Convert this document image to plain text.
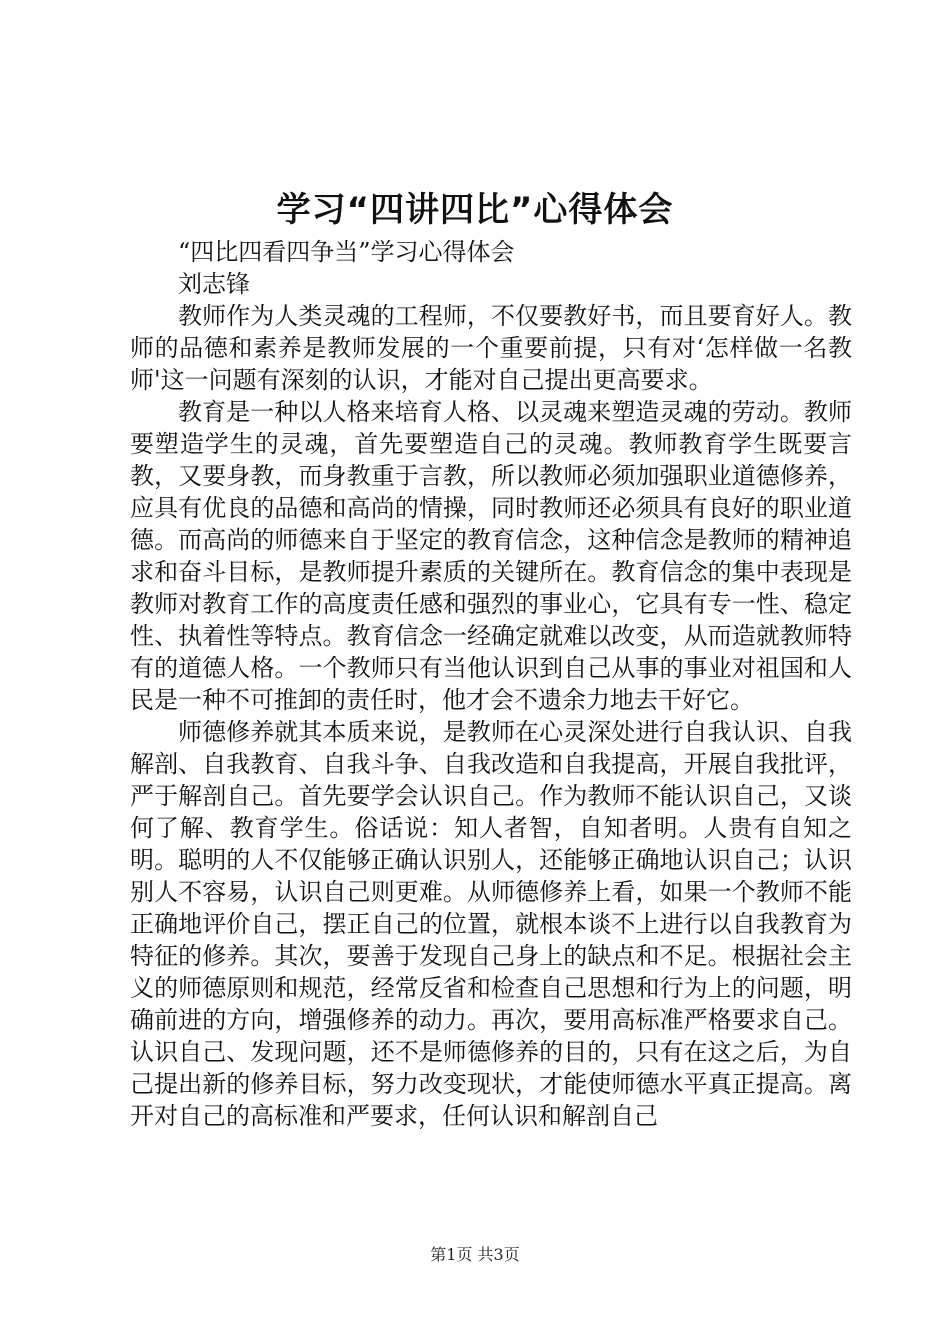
学习“四讲四比”心得体会

“四比四看四争当”学习心得体会

刘志锋

教师作为人类灵魂的工程师，不仅要教好书，而且要育好人。教师的品德和素养是教师发展的一个重要前提，只有对‘怎样做一名教师'这一问题有深刻的认识，才能对自己提出更高要求。

教育是一种以人格来培育人格、以灵魂来塑造灵魂的劳动。教师要塑造学生的灵魂，首先要塑造自己的灵魂。教师教育学生既要言教，又要身教，而身教重于言教，所以教师必须加强职业道德修养，应具有优良的品德和高尚的情操，同时教师还必须具有良好的职业道德。而高尚的师德来自于坚定的教育信念，这种信念是教师的精神追求和奋斗目标，是教师提升素质的关键所在。教育信念的集中表现是教师对教育工作的高度责任感和强烈的事业心，它具有专一性、稳定性、执着性等特点。教育信念一经确定就难以改变，从而造就教师特有的道德人格。一个教师只有当他认识到自己从事的事业对祖国和人民是一种不可推卸的责任时，他才会不遗余力地去干好它。

师德修养就其本质来说，是教师在心灵深处进行自我认识、自我解剖、自我教育、自我斗争、自我改造和自我提高，开展自我批评，严于解剖自己。首先要学会认识自己。作为教师不能认识自己，又谈何了解、教育学生。俗话说：知人者智，自知者明。人贵有自知之明。聪明的人不仅能够正确认识别人，还能够正确地认识自己；认识别人不容易，认识自己则更难。从师德修养上看，如果一个教师不能正确地评价自己，摆正自己的位置，就根本谈不上进行以自我教育为特征的修养。其次，要善于发现自己身上的缺点和不足。根据社会主义的师德原则和规范，经常反省和检查自己思想和行为上的问题，明确前进的方向，增强修养的动力。再次，要用高标准严格要求自己。认识自己、发现问题，还不是师德修养的目的，只有在这之后，为自己提出新的修养目标，努力改变现状，才能使师德水平真正提高。离开对自己的高标准和严要求，任何认识和解剖自己

第1页 共3页
